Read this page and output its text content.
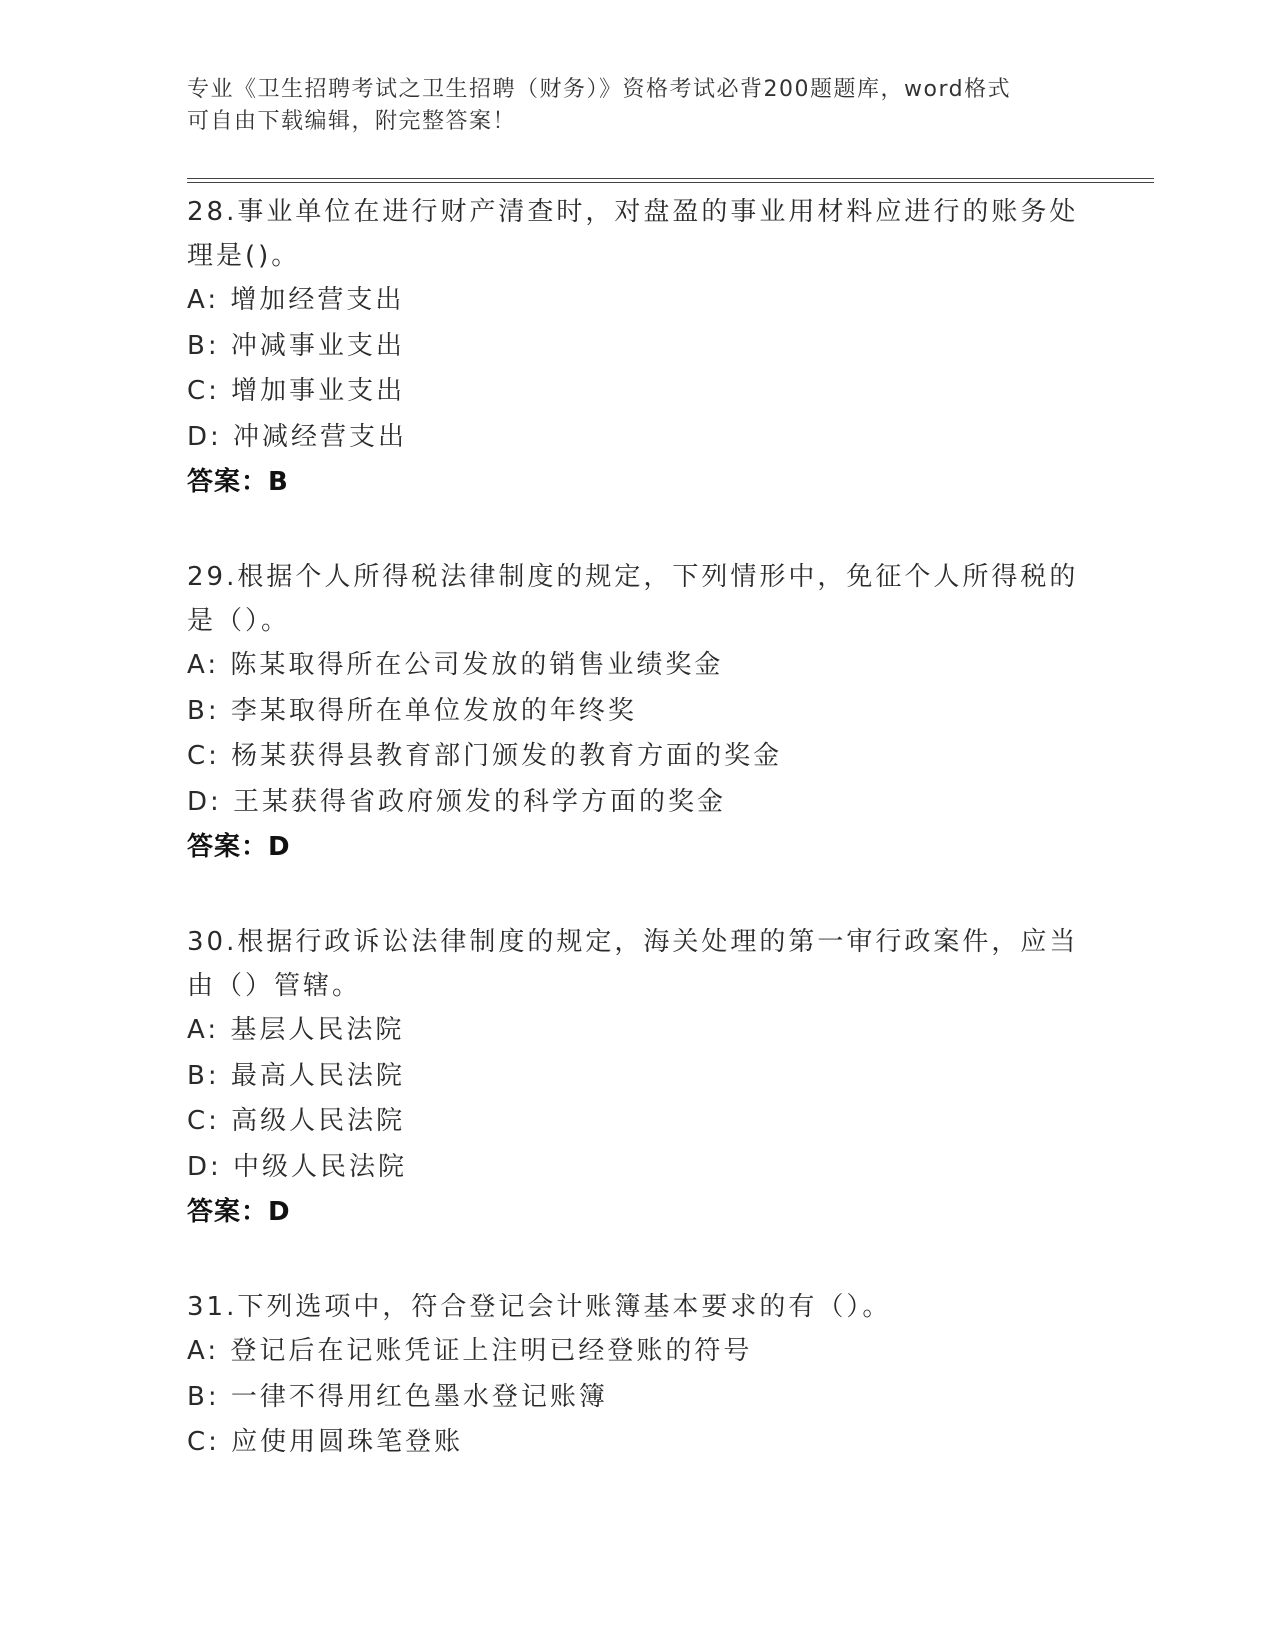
专业《卫生招聘考试之卫生招聘（财务）》资格考试必背200题题库，word格式
可自由下载编辑，附完整答案！
28.事业单位在进行财产清查时，对盘盈的事业用材料应进行的账务处
理是()。
A: 增加经营支出
B: 冲减事业支出
C: 增加事业支出
D: 冲减经营支出
答案：B
29.根据个人所得税法律制度的规定，下列情形中，免征个人所得税的
是（）。
A: 陈某取得所在公司发放的销售业绩奖金
B: 李某取得所在单位发放的年终奖
C: 杨某获得县教育部门颁发的教育方面的奖金
D: 王某获得省政府颁发的科学方面的奖金
答案：D
30.根据行政诉讼法律制度的规定，海关处理的第一审行政案件，应当
由（）管辖。
A: 基层人民法院
B: 最高人民法院
C: 高级人民法院
D: 中级人民法院
答案：D
31.下列选项中，符合登记会计账簿基本要求的有（）。
A: 登记后在记账凭证上注明已经登账的符号
B: 一律不得用红色墨水登记账簿
C: 应使用圆珠笔登账
